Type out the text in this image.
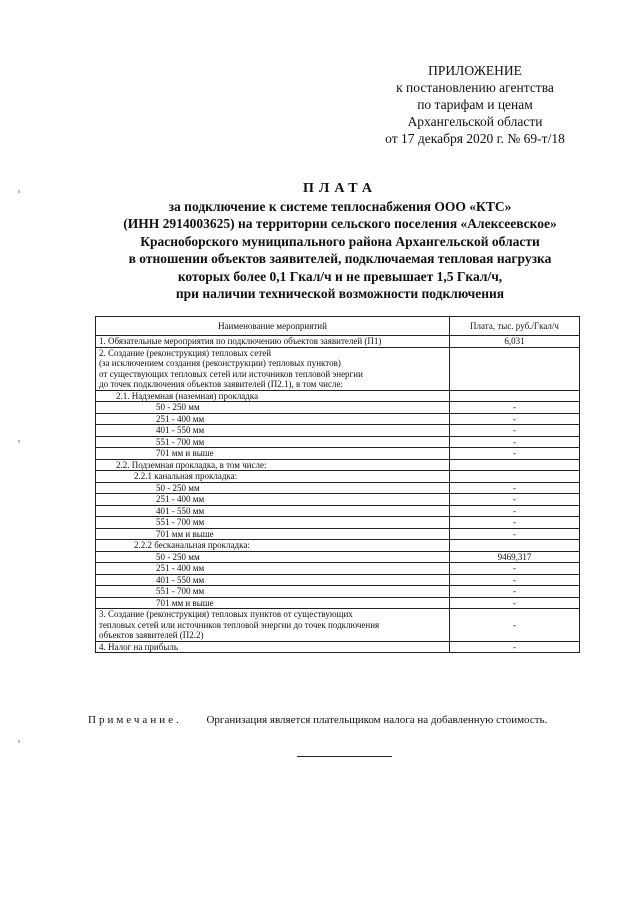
ПРИЛОЖЕНИЕ
к постановлению агентства
по тарифам и ценам
Архангельской области
от 17 декабря 2020 г. № 69-т/18
ПЛАТА
за подключение к системе теплоснабжения ООО «КТС»
(ИНН 2914003625) на территории сельского поселения «Алексеевское»
Красноборского муниципального района Архангельской области
в отношении объектов заявителей, подключаемая тепловая нагрузка
которых более 0,1 Гкал/ч и не превышает 1,5 Гкал/ч,
при наличии технической возможности подключения
Наименование мероприятий	Плата, тыс. руб./Гкал/ч
1. Обязательные мероприятия по подключению объектов заявителей (П1)	6,031

2. Создание (реконструкция) тепловых сетей
(за исключением создания (реконструкции) тепловых пунктов)
от существующих тепловых сетей или источников тепловой энергии
до точек подключения объектов заявителей (П2.1), в том числе:	

2.1. Надземная (наземная) прокладка	
50 - 250 мм	-
251 - 400 мм	-
401 - 550 мм	-
551 - 700 мм	-
701 мм и выше	-
2.2. Подземная прокладка, в том числе:	
2.2.1 канальная прокладка:	
50 - 250 мм	-
251 - 400 мм	-
401 - 550 мм	-
551 - 700 мм	-
701 мм и выше	-
2.2.2 бесканальная прокладка:	
50 - 250 мм	9469,317
251 - 400 мм	-
401 - 550 мм	-
551 - 700 мм	-
701 мм и выше	-

3. Создание (реконструкция) тепловых пунктов от существующих
тепловых сетей или источников тепловой энергии до точек подключения
объектов заявителей (П2.2)	-
4. Налог на прибыль	-
Примечание. Организация является плательщиком налога на добавленную стоимость.
